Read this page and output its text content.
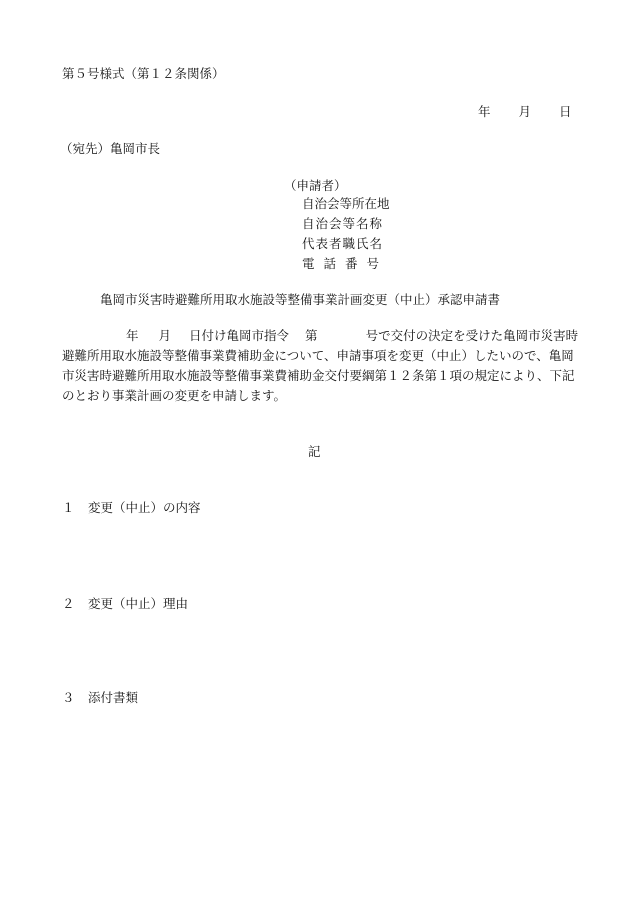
第５号様式（第１２条関係）
年 月 日
（宛先）亀岡市長
（申請者）
自治会等所在地
自治会等名称
代表者職氏名
電話番号
亀岡市災害時避難所用取水施設等整備事業計画変更（中止）承認申請書
年 月 日付け亀岡市指令 第	号で交付の決定を受けた亀岡市災害時避難所用取水施設等整備事業費補助金について、申請事項を変更（中止）したいので、亀岡市災害時避難所用取水施設等整備事業費補助金交付要綱第１２条第１項の規定により、下記のとおり事業計画の変更を申請します。
記
１ 変更（中止）の内容
２ 変更（中止）理由
３ 添付書類
